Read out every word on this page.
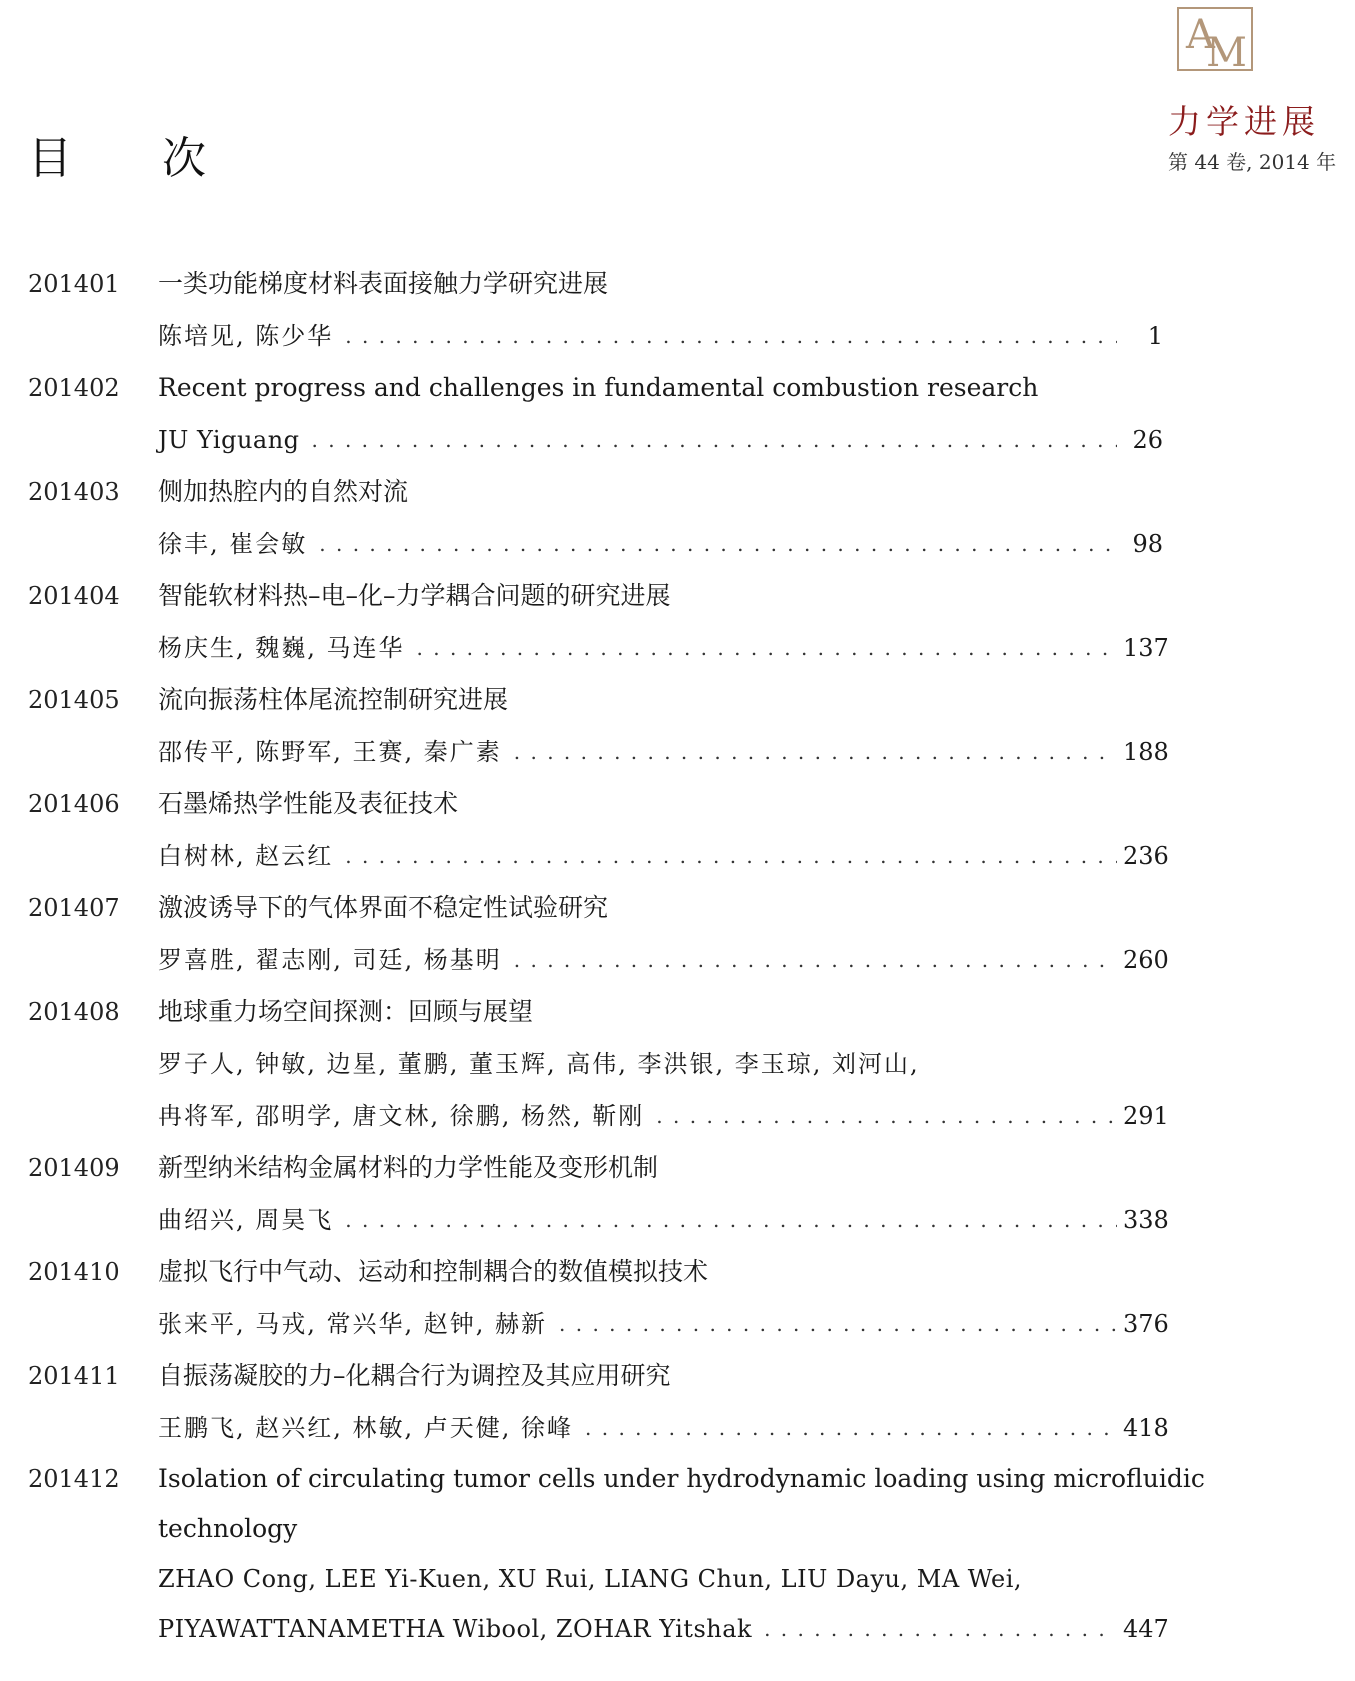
目 次
A
M
力学进展
第 44 卷, 2014 年
201401	一类功能梯度材料表面接触力学研究进展
陈培见, 陈少华 . . .	1
201402	Recent progress and challenges in fundamental combustion research
JU Yiguang . . .	26
201403	侧加热腔内的自然对流
徐丰, 崔会敏 . . .	98
201404	智能软材料热–电–化–力学耦合问题的研究进展
杨庆生, 魏巍, 马连华 . . .	137
201405	流向振荡柱体尾流控制研究进展
邵传平, 陈野军, 王赛, 秦广素 . . .	188
201406	石墨烯热学性能及表征技术
白树林, 赵云红 . . .	236
201407	激波诱导下的气体界面不稳定性试验研究
罗喜胜, 翟志刚, 司廷, 杨基明 . . .	260
201408	地球重力场空间探测：回顾与展望
罗子人, 钟敏, 边星, 董鹏, 董玉辉, 高伟, 李洪银, 李玉琼, 刘河山,
冉将军, 邵明学, 唐文林, 徐鹏, 杨然, 靳刚 . . .	291
201409	新型纳米结构金属材料的力学性能及变形机制
曲绍兴, 周昊飞 . . .	338
201410	虚拟飞行中气动、运动和控制耦合的数值模拟技术
张来平, 马戎, 常兴华, 赵钟, 赫新 . . .	376
201411	自振荡凝胶的力–化耦合行为调控及其应用研究
王鹏飞, 赵兴红, 林敏, 卢天健, 徐峰 . . .	418
201412	Isolation of circulating tumor cells under hydrodynamic loading using microfluidic
technology
ZHAO Cong, LEE Yi-Kuen, XU Rui, LIANG Chun, LIU Dayu, MA Wei,
PIYAWATTANAMETHA Wibool, ZOHAR Yitshak . . .	447
